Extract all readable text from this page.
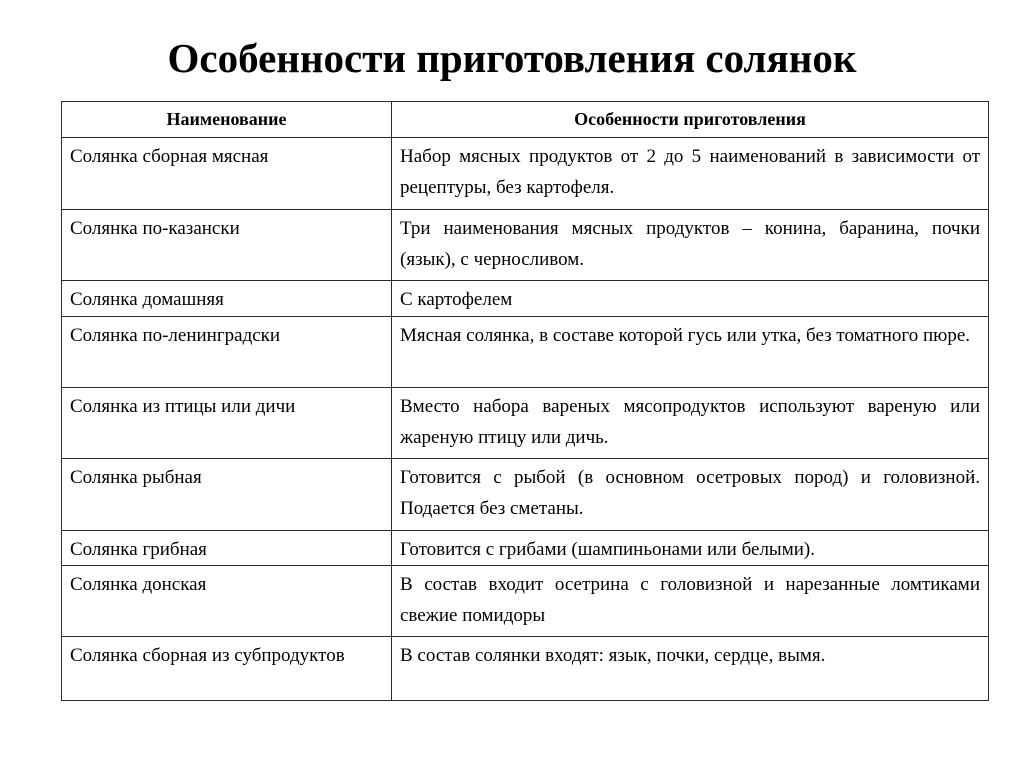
Особенности приготовления солянок
Наименование	Особенности приготовления
Солянка сборная мясная	Набор мясных продуктов от 2 до 5 наименований в зависимости от рецептуры, без картофеля.
Солянка по-казански	Три наименования мясных продуктов – конина, баранина, почки (язык), с черносливом.
Солянка домашняя	С картофелем
Солянка по-ленинградски	Мясная солянка, в составе которой гусь или утка, без томатного пюре.
Солянка из птицы или дичи	Вместо набора вареных мясопродуктов используют вареную или жареную птицу или дичь.
Солянка рыбная	Готовится с рыбой (в основном осетровых пород) и головизной. Подается без сметаны.
Солянка грибная	Готовится с грибами (шампиньонами или белыми).
Солянка донская	В состав входит осетрина с головизной и нарезанные ломтиками свежие помидоры
Солянка сборная из субпродуктов	В состав солянки входят: язык, почки, сердце, вымя.
